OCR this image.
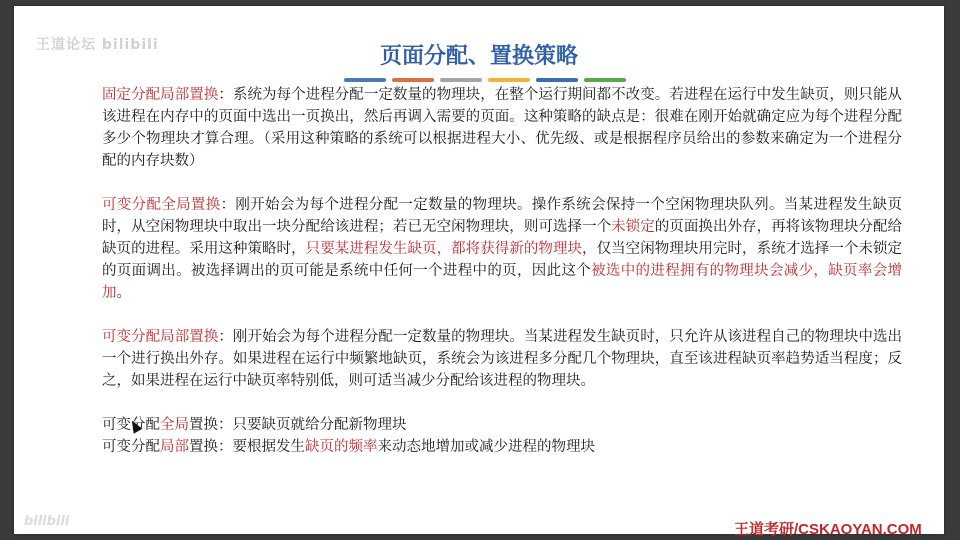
王道论坛 bilibili
bilibili
页面分配、置换策略

固定分配局部置换：系统为每个进程分配一定数量的物理块，在整个运行期间都不改变。若进程在运行中发生缺页，则只能从该进程在内存中的页面中选出一页换出，然后再调入需要的页面。这种策略的缺点是：很难在刚开始就确定应为每个进程分配多少个物理块才算合理。（采用这种策略的系统可以根据进程大小、优先级、或是根据程序员给出的参数来确定为一个进程分配的内存块数）

可变分配全局置换：刚开始会为每个进程分配一定数量的物理块。操作系统会保持一个空闲物理块队列。当某进程发生缺页时，从空闲物理块中取出一块分配给该进程；若已无空闲物理块，则可选择一个未锁定的页面换出外存，再将该物理块分配给缺页的进程。采用这种策略时，只要某进程发生缺页，都将获得新的物理块，仅当空闲物理块用完时，系统才选择一个未锁定的页面调出。被选择调出的页可能是系统中任何一个进程中的页，因此这个被选中的进程拥有的物理块会减少，缺页率会增加。

可变分配局部置换：刚开始会为每个进程分配一定数量的物理块。当某进程发生缺页时，只允许从该进程自己的物理块中选出一个进行换出外存。如果进程在运行中频繁地缺页，系统会为该进程多分配几个物理块，直至该进程缺页率趋势适当程度；反之，如果进程在运行中缺页率特别低，则可适当减少分配给该进程的物理块。

可变分配全局置换：只要缺页就给分配新物理块

可变分配局部置换：要根据发生缺页的频率来动态地增加或减少进程的物理块

王道考研/CSKAOYAN.COM
